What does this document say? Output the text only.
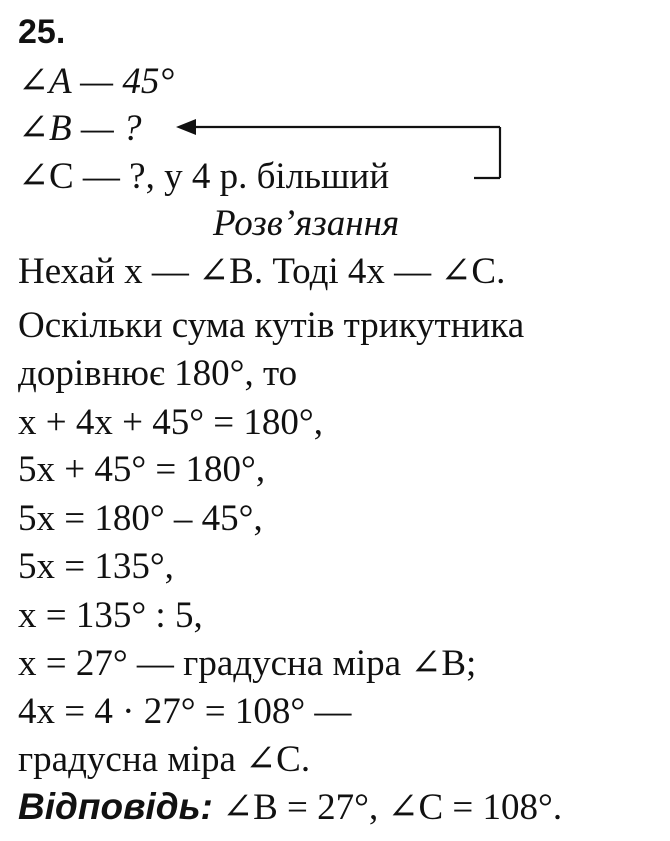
25.
∠A — 45°
∠B — ?
∠C — ?, у 4 р. більший
Розв’язання
Нехай x — ∠B. Тоді 4x — ∠C.
Оскільки сума кутів трикутника
дорівнює 180°, то
x + 4x + 45° = 180°,
5x + 45° = 180°,
5x = 180° – 45°,
5x = 135°,
x = 135° : 5,
x = 27° — градусна міра ∠B;
4x = 4 · 27° = 108° —
градусна міра ∠C.
Відповідь: ∠B = 27°, ∠C = 108°.
